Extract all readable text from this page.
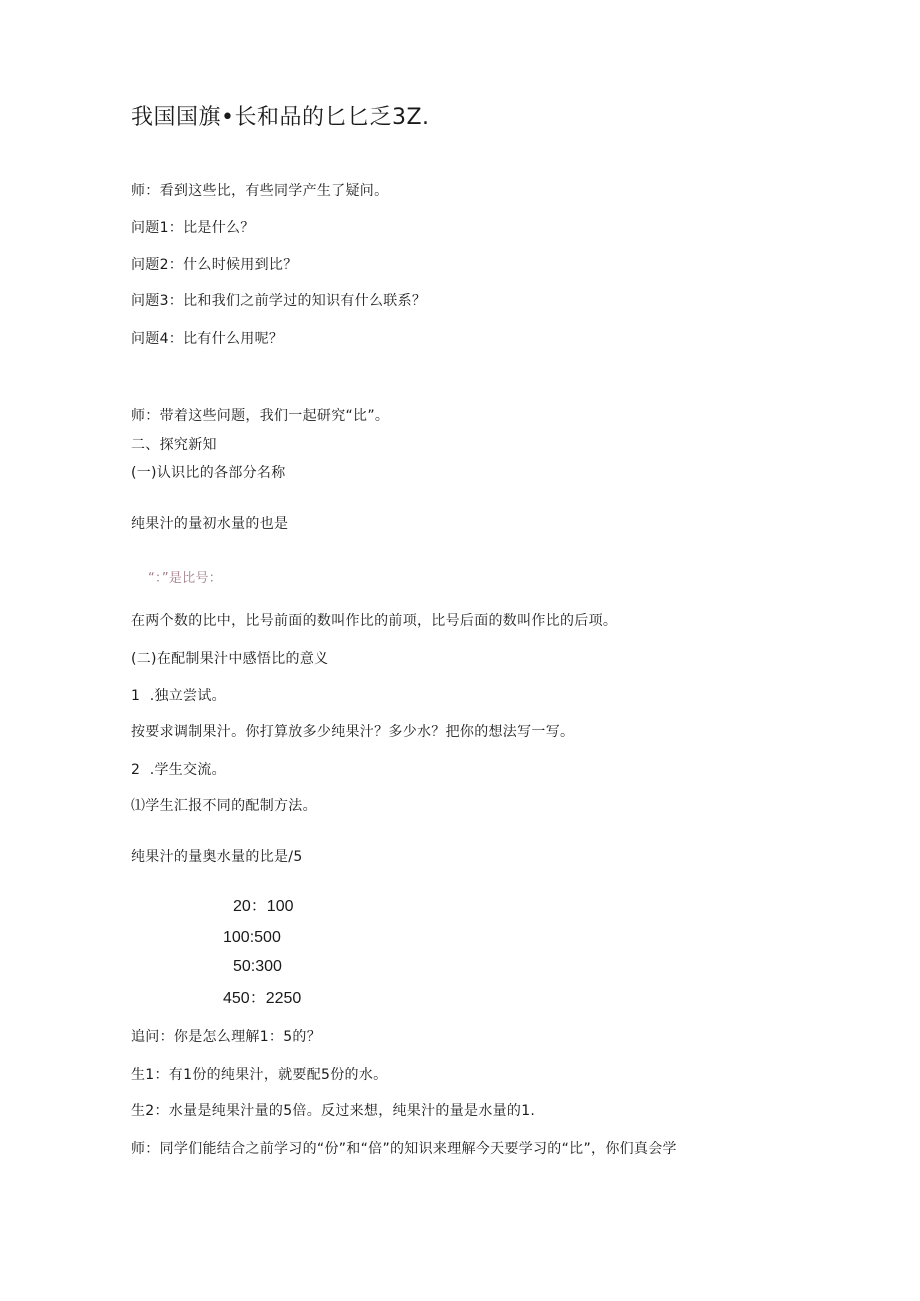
我国国旗•长和品的匕匕乏3Z.
师：看到这些比，有些同学产生了疑问。
问题1：比是什么？
问题2：什么时候用到比？
问题3：比和我们之前学过的知识有什么联系？
问题4：比有什么用呢？
师：带着这些问题，我们一起研究“比”。
二、探究新知
(一)认识比的各部分名称
纯果汁的量初水量的也是
“：”是比号：
在两个数的比中，比号前面的数叫作比的前项，比号后面的数叫作比的后项。
(二)在配制果汁中感悟比的意义
1  .独立尝试。
按要求调制果汁。你打算放多少纯果汁？多少水？把你的想法写一写。
2  .学生交流。
⑴学生汇报不同的配制方法。
纯果汁的量奥水量的比是/5
20：100
100:500
50:300
450：2250
追问：你是怎么理解1：5的？
生1：有1份的纯果汁，就要配5份的水。
生2：水量是纯果汁量的5倍。反过来想，纯果汁的量是水量的1.
师：同学们能结合之前学习的“份”和“倍”的知识来理解今天要学习的“比”，你们真会学
